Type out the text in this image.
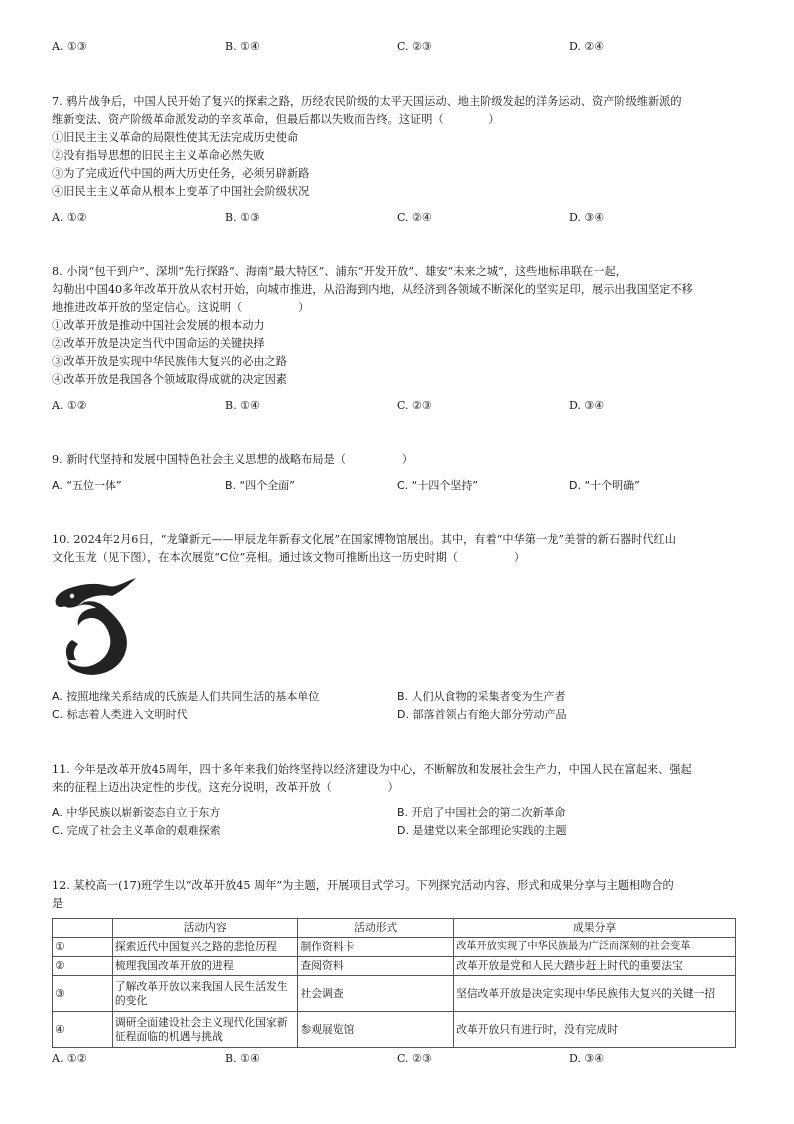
A. ①③	B. ①④	C. ②③	D. ②④
7. 鸦片战争后，中国人民开始了复兴的探索之路，历经农民阶级的太平天国运动、地主阶级发起的洋务运动、资产阶级维新派的
维新变法、资产阶级革命派发动的辛亥革命，但最后都以失败而告终。这证明（　　　　）
①旧民主主义革命的局限性使其无法完成历史使命
②没有指导思想的旧民主主义革命必然失败
③为了完成近代中国的两大历史任务，必须另辟新路
④旧民主主义革命从根本上变革了中国社会阶级状况
A. ①②	B. ①③	C. ②④	D. ③④
8. 小岗“包干到户”、深圳“先行探路”、海南“最大特区”、浦东“开发开放”、雄安“未来之城”，这些地标串联在一起，
勾勒出中国40多年改革开放从农村开始，向城市推进，从沿海到内地，从经济到各领域不断深化的坚实足印，展示出我国坚定不移
地推进改革开放的坚定信心。这说明（　　　　　）
①改革开放是推动中国社会发展的根本动力
②改革开放是决定当代中国命运的关键抉择
③改革开放是实现中华民族伟大复兴的必由之路
④改革开放是我国各个领域取得成就的决定因素
A. ①②	B. ①④	C. ②③	D. ③④
9. 新时代坚持和发展中国特色社会主义思想的战略布局是（　　　　　）
A. “五位一体”	B. “四个全面”	C. “十四个坚持”	D. “十个明确”
10. 2024年2月6日，“龙肇新元——甲辰龙年新春文化展”在国家博物馆展出。其中，有着“中华第一龙”美誉的新石器时代红山
文化玉龙（见下图），在本次展览“C位”亮相。通过该文物可推断出这一历史时期（　　　　　）
A. 按照地缘关系结成的氏族是人们共同生活的基本单位	B. 人们从食物的采集者变为生产者
C. 标志着人类进入文明时代	D. 部落首领占有绝大部分劳动产品
11. 今年是改革开放45周年，四十多年来我们始终坚持以经济建设为中心，不断解放和发展社会生产力，中国人民在富起来、强起
来的征程上迈出决定性的步伐。这充分说明，改革开放（　　　　　）
A. 中华民族以崭新姿态自立于东方	B. 开启了中国社会的第二次新革命
C. 完成了社会主义革命的艰难探索	D. 是建党以来全部理论实践的主题
12. 某校高一(17)班学生以“改革开放45 周年”为主题，开展项目式学习。下列探究活动内容、形式和成果分享与主题相吻合的
是
	活动内容	活动形式	成果分享
①	探索近代中国复兴之路的悲怆历程	制作资料卡	改革开放实现了中华民族最为广泛而深刻的社会变革
②	梳理我国改革开放的进程	查阅资料	改革开放是党和人民大踏步赶上时代的重要法宝
③	了解改革开放以来我国人民生活发生的变化	社会调查	坚信改革开放是决定实现中华民族伟大复兴的关键一招
④	调研全面建设社会主义现代化国家新征程面临的机遇与挑战	参观展览馆	改革开放只有进行时，没有完成时
A. ①②	B. ①④	C. ②③	D. ③④
